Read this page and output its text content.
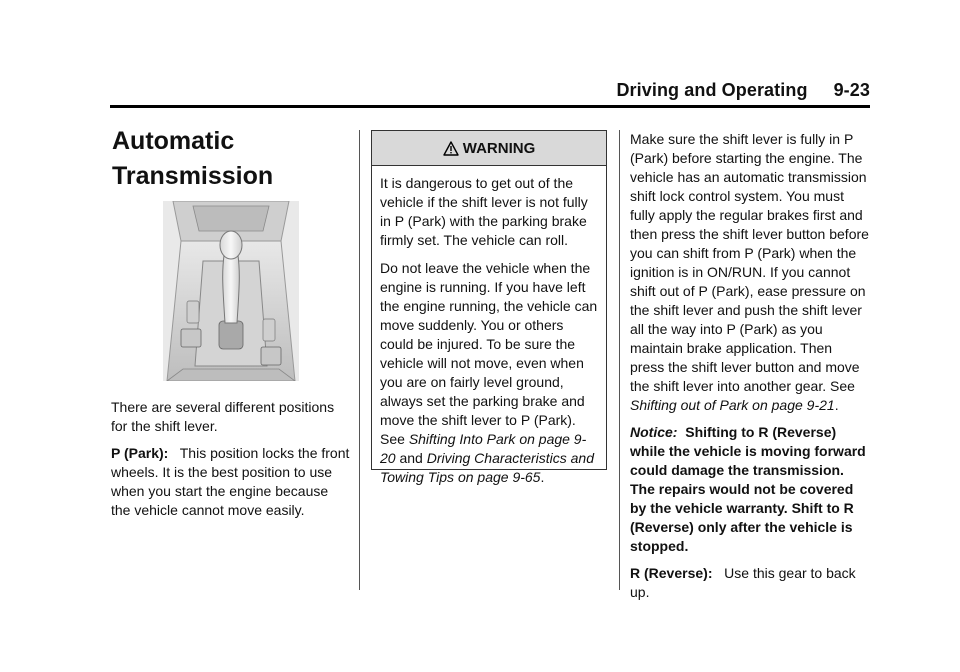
Driving and Operating 9-23
Automatic Transmission

There are several different positions for the shift lever.

P (Park): This position locks the front wheels. It is the best position to use when you start the engine because the vehicle cannot move easily.

WARNING

It is dangerous to get out of the vehicle if the shift lever is not fully in P (Park) with the parking brake firmly set. The vehicle can roll.

Do not leave the vehicle when the engine is running. If you have left the engine running, the vehicle can move suddenly. You or others could be injured. To be sure the vehicle will not move, even when you are on fairly level ground, always set the parking brake and move the shift lever to P (Park). See Shifting Into Park on page 9-20 and Driving Characteristics and Towing Tips on page 9-65.

Make sure the shift lever is fully in P (Park) before starting the engine. The vehicle has an automatic transmission shift lock control system. You must fully apply the regular brakes first and then press the shift lever button before you can shift from P (Park) when the ignition is in ON/RUN. If you cannot shift out of P (Park), ease pressure on the shift lever and push the shift lever all the way into P (Park) as you maintain brake application. Then press the shift lever button and move the shift lever into another gear. See Shifting out of Park on page 9-21.

Notice: Shifting to R (Reverse) while the vehicle is moving forward could damage the transmission. The repairs would not be covered by the vehicle warranty. Shift to R (Reverse) only after the vehicle is stopped.

R (Reverse): Use this gear to back up.
